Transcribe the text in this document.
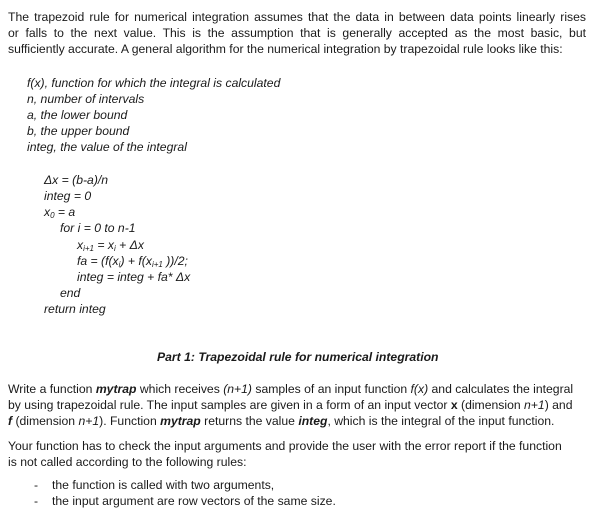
The trapezoid rule for numerical integration assumes that the data in between data points linearly rises
or falls to the next value. This is the assumption that is generally accepted as the most basic, but
sufficiently accurate. A general algorithm for the numerical integration by trapezoidal rule looks like this:
f(x), function for which the integral is calculated
n, number of intervals
a, the lower bound
b, the upper bound
integ, the value of the integral
Δx = (b-a)/n
integ = 0
$x_0 = a$
for i = 0 to n-1
$x_{i+1} = x_i + \Delta x$
fa = ($f(x_i) + f(x_{i+1}$ ))/2;
integ = integ + fa* Δx
end
return integ
Part 1: Trapezoidal rule for numerical integration
Write a function mytrap which receives (n+1) samples of an input function f(x) and calculates the integral
by using trapezoidal rule. The input samples are given in a form of an input vector x (dimension n+1) and
f (dimension n+1). Function mytrap returns the value integ, which is the integral of the input function.
Your function has to check the input arguments and provide the user with the error report if the function
is not called according to the following rules:
- the function is called with two arguments,
- the input argument are row vectors of the same size.
